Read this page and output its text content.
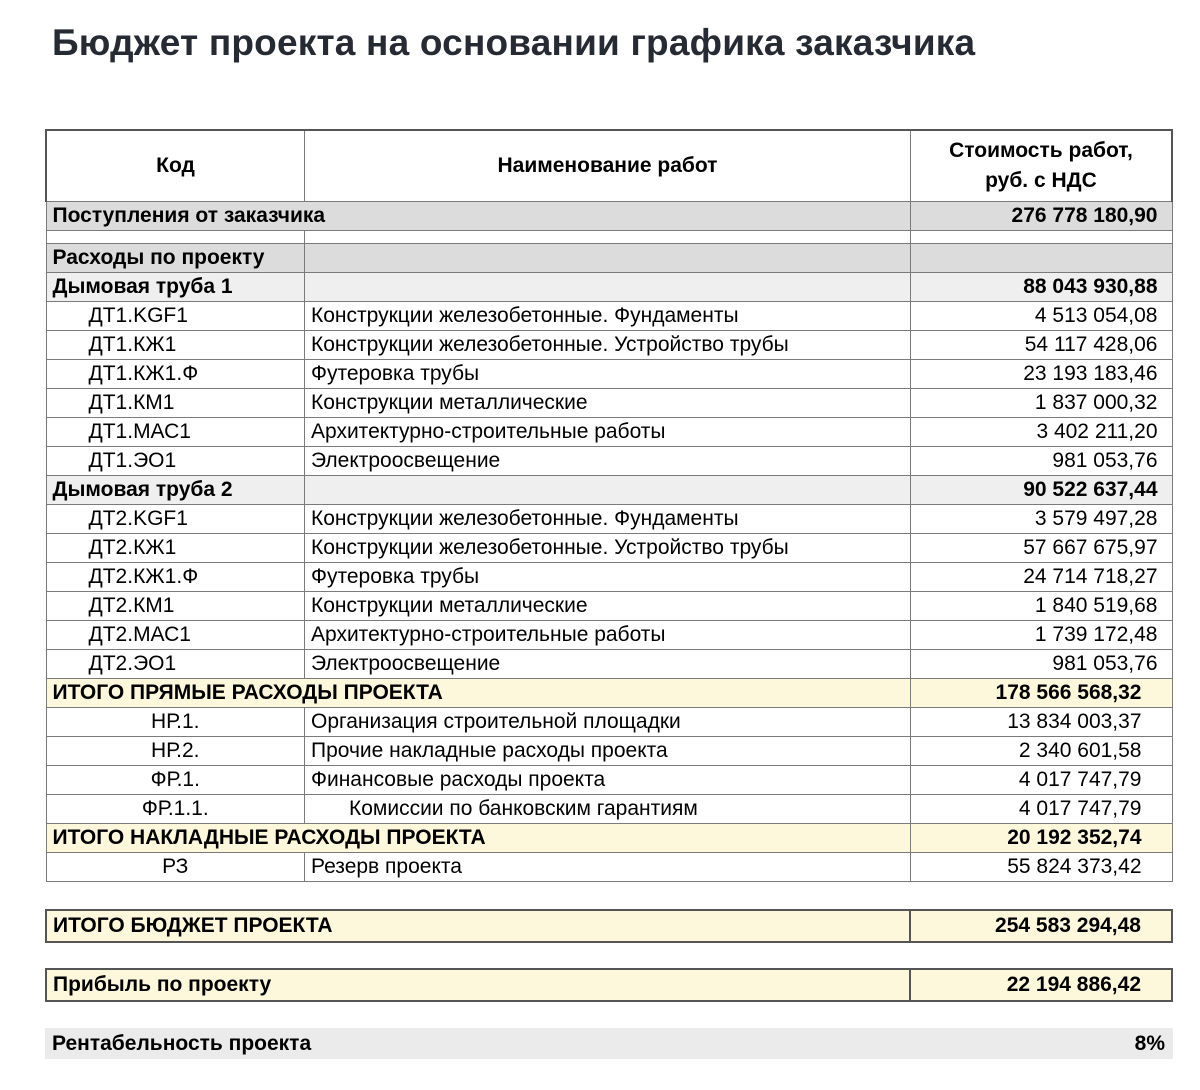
Бюджет проекта на основании графика заказчика
Код	Наименование работ	Стоимость работ,
руб. с НДС
Поступления от заказчика		276 778 180,90

Расходы по проекту		
Дымовая труба 1		88 043 930,88
ДТ1.KGF1	Конструкции железобетонные. Фундаменты	4 513 054,08
ДТ1.КЖ1	Конструкции железобетонные. Устройство трубы	54 117 428,06
ДТ1.КЖ1.Ф	Футеровка трубы	23 193 183,46
ДТ1.КМ1	Конструкции металлические	1 837 000,32
ДТ1.МАС1	Архитектурно-строительные работы	3 402 211,20
ДТ1.ЭО1	Электроосвещение	981 053,76
Дымовая труба 2		90 522 637,44
ДТ2.KGF1	Конструкции железобетонные. Фундаменты	3 579 497,28
ДТ2.КЖ1	Конструкции железобетонные. Устройство трубы	57 667 675,97
ДТ2.КЖ1.Ф	Футеровка трубы	24 714 718,27
ДТ2.КМ1	Конструкции металлические	1 840 519,68
ДТ2.МАС1	Архитектурно-строительные работы	1 739 172,48
ДТ2.ЭО1	Электроосвещение	981 053,76
ИТОГО ПРЯМЫЕ РАСХОДЫ ПРОЕКТА		178 566 568,32
НР.1.	Организация строительной площадки	13 834 003,37
НР.2.	Прочие накладные расходы проекта	2 340 601,58
ФР.1.	Финансовые расходы проекта	4 017 747,79
ФР.1.1.	Комиссии по банковским гарантиям	4 017 747,79
ИТОГО НАКЛАДНЫЕ РАСХОДЫ ПРОЕКТА		20 192 352,74
РЗ	Резерв проекта	55 824 373,42
ИТОГО БЮДЖЕТ ПРОЕКТА	254 583 294,48
Прибыль по проекту	22 194 886,42
Рентабельность проекта	8%
